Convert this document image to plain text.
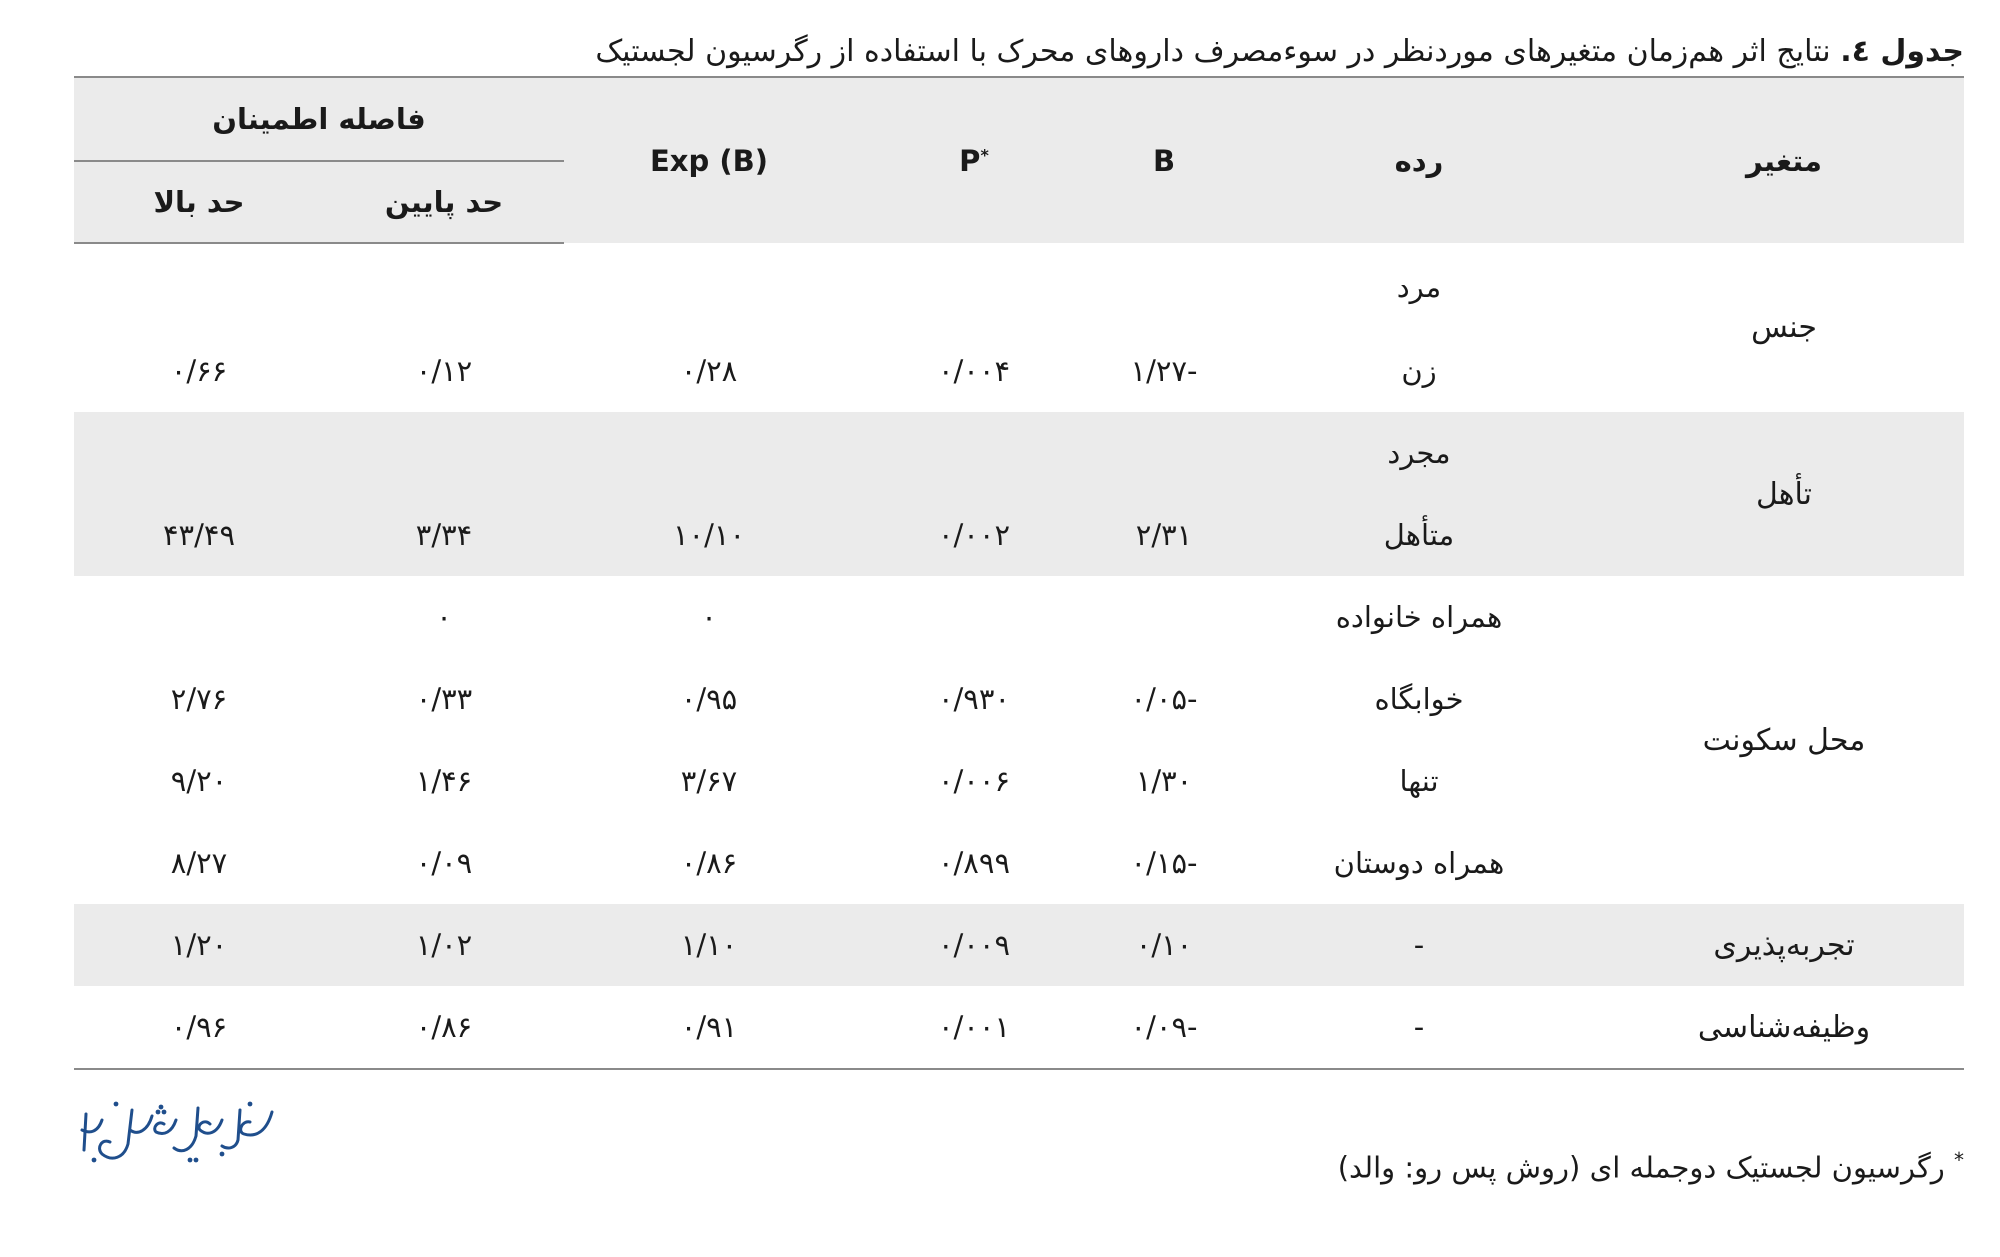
جدول ٤. نتایج اثر هم‌زمان متغیرهای موردنظر در سوءمصرف داروهای محرک با استفاده از رگرسیون لجستیک
متغیر	رده	B	P*	Exp (B)	فاصله اطمینان	
					حد پایین	حد بالا
جنس	مرد					
	زن	-۱/۲۷	۰/۰۰۴	۰/۲۸	۰/۱۲	۰/۶۶
تأهل	مجرد					
	متأهل	۲/۳۱	۰/۰۰۲	۱۰/۱۰	۳/۳۴	۴۳/۴۹
محل سکونت	همراه خانواده			۰	۰	
	خوابگاه	-۰/۰۵	۰/۹۳۰	۰/۹۵	۰/۳۳	۲/۷۶
	تنها	۱/۳۰	۰/۰۰۶	۳/۶۷	۱/۴۶	۹/۲۰
	همراه دوستان	-۰/۱۵	۰/۸۹۹	۰/۸۶	۰/۰۹	۸/۲۷
تجربه‌پذیری	-	۰/۱۰	۰/۰۰۹	۱/۱۰	۱/۰۲	۱/۲۰
وظیفه‌شناسی	-	-۰/۰۹	۰/۰۰۱	۰/۹۱	۰/۸۶	۰/۹۶
* رگرسیون لجستیک دوجمله ای (روش پس رو: والد)
